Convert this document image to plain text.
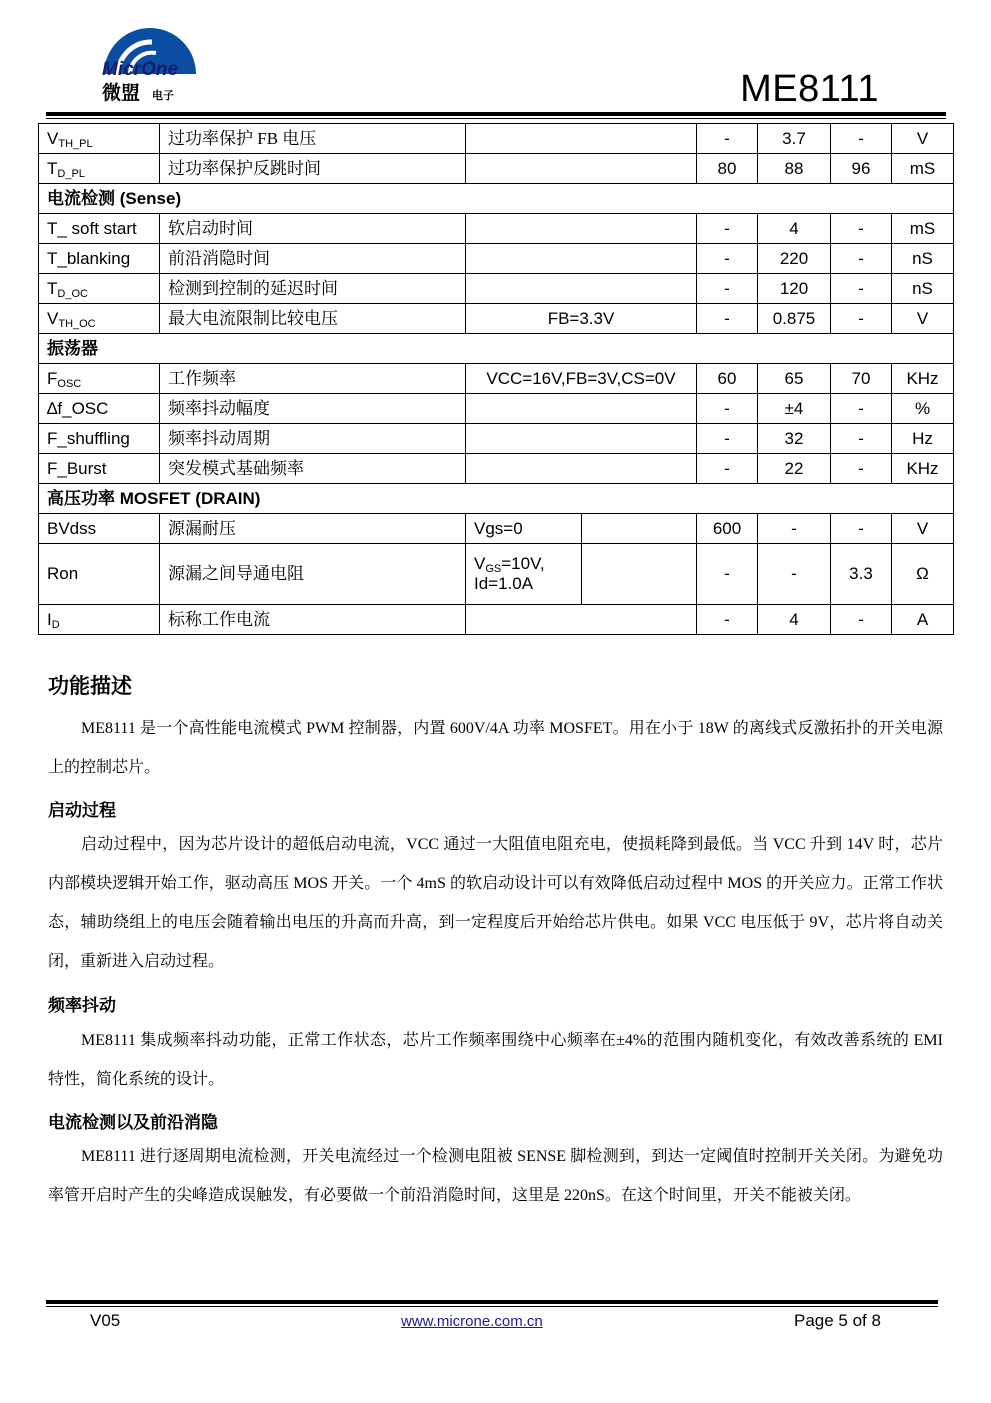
MicrOne
微盟 电子	ME8111
$V_{TH\_PL}$	过功率保护 FB 电压			-	3.7	-	V
$T_{D\_PL}$	过功率保护反跳时间			80	88	96	mS
电流检测 (Sense)							
T_ soft start	软启动时间			-	4	-	mS
T_blanking	前沿消隐时间			-	220	-	nS
$T_{D\_OC}$	检测到控制的延迟时间			-	120	-	nS
$V_{TH\_OC}$	最大电流限制比较电压	FB=3.3V		-	0.875	-	V
振荡器							
$F_{OSC}$	工作频率	VCC=16V,FB=3V,CS=0V		60	65	70	KHz
∆f_OSC	频率抖动幅度			-	±4	-	%
F_shuffling	频率抖动周期			-	32	-	Hz
F_Burst	突发模式基础频率			-	22	-	KHz
高压功率 MOSFET (DRAIN)							
BVdss	源漏耐压	Vgs=0		600	-	-	V
Ron	源漏之间导通电阻	$V_{GS}=10V$,
Id=1.0A		-	-	3.3	Ω
$I_D$	标称工作电流			-	4	-	A
功能描述

ME8111 是一个高性能电流模式 PWM 控制器，内置 600V/4A 功率 MOSFET。用在小于 18W 的离线式反激拓扑的开关电源上的控制芯片。

启动过程

启动过程中，因为芯片设计的超低启动电流，VCC 通过一大阻值电阻充电，使损耗降到最低。当 VCC 升到 14V 时，芯片内部模块逻辑开始工作，驱动高压 MOS 开关。一个 4mS 的软启动设计可以有效降低启动过程中 MOS 的开关应力。正常工作状态，辅助绕组上的电压会随着输出电压的升高而升高，到一定程度后开始给芯片供电。如果 VCC 电压低于 9V，芯片将自动关闭，重新进入启动过程。

频率抖动

ME8111 集成频率抖动功能，正常工作状态，芯片工作频率围绕中心频率在±4%的范围内随机变化，有效改善系统的 EMI 特性，简化系统的设计。

电流检测以及前沿消隐

ME8111 进行逐周期电流检测，开关电流经过一个检测电阻被 SENSE 脚检测到，到达一定阈值时控制开关关闭。为避免功率管开启时产生的尖峰造成误触发，有必要做一个前沿消隐时间，这里是 220nS。在这个时间里，开关不能被关闭。

V05	www.microne.com.cn	Page 5 of 8
